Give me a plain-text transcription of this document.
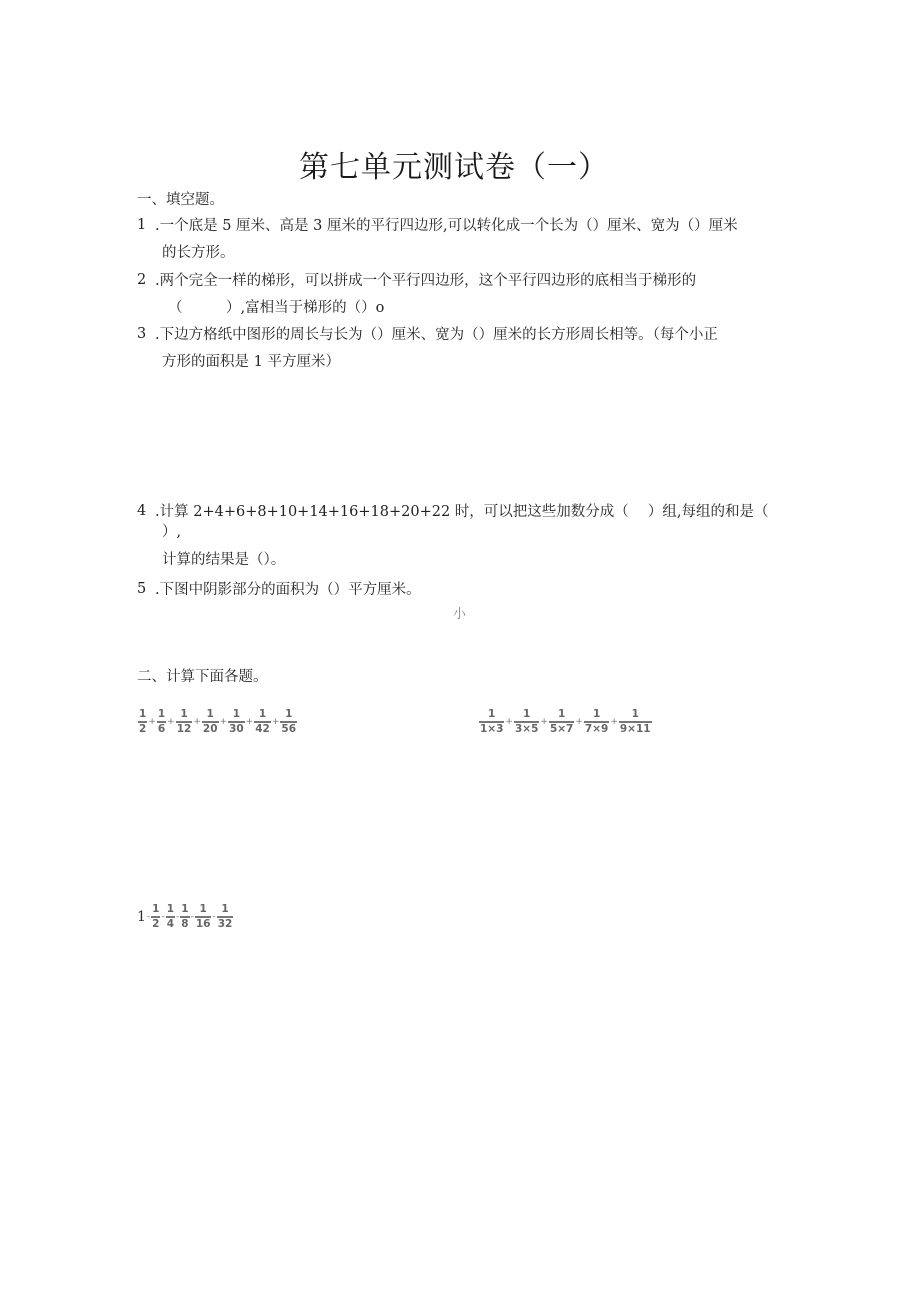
第七单元测试卷（一）
一、填空题。
1 .一个底是 5 厘米、高是 3 厘米的平行四边形,可以转化成一个长为（）厘米、宽为（）厘米
的长方形。
2 .两个完全一样的梯形，可以拼成一个平行四边形，这个平行四边形的底相当于梯形的
（　　　）,富相当于梯形的（）o
3 .下边方格纸中图形的周长与长为（）厘米、宽为（）厘米的长方形周长相等。（每个小正
方形的面积是 1 平方厘米）
4 .计算 2+4+6+8+10+14+16+18+20+22 时，可以把这些加数分成（　 ）组,每组的和是（
）,
计算的结果是（）。
5 .下图中阴影部分的面积为（）平方厘米。
小
二、计算下面各题。
$\frac{1}{2} + \frac{1}{6} + \frac{1}{12} + \frac{1}{20} + \frac{1}{30} + \frac{1}{42} + \frac{1}{56}$	$\frac{1}{1\times 3} + \frac{1}{3\times 5} + \frac{1}{5\times 7} + \frac{1}{7\times 9} + \frac{1}{9\times 11}$
$1 - \frac{1}{2} - \frac{1}{4} - \frac{1}{8} - \frac{1}{16} - \frac{1}{32}$
